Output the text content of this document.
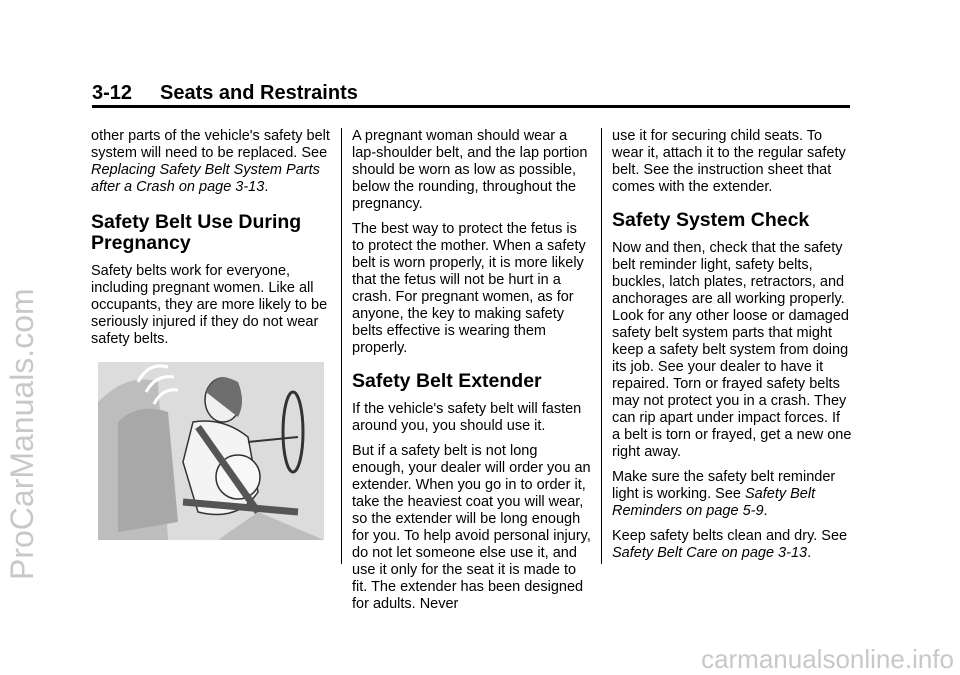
3-12 Seats and Restraints

other parts of the vehicle's safety belt system will need to be replaced. See Replacing Safety Belt System Parts after a Crash on page 3-13.

Safety Belt Use During Pregnancy

Safety belts work for everyone, including pregnant women. Like all occupants, they are more likely to be seriously injured if they do not wear safety belts.

A pregnant woman should wear a lap-shoulder belt, and the lap portion should be worn as low as possible, below the rounding, throughout the pregnancy.

The best way to protect the fetus is to protect the mother. When a safety belt is worn properly, it is more likely that the fetus will not be hurt in a crash. For pregnant women, as for anyone, the key to making safety belts effective is wearing them properly.

Safety Belt Extender

If the vehicle's safety belt will fasten around you, you should use it.

But if a safety belt is not long enough, your dealer will order you an extender. When you go in to order it, take the heaviest coat you will wear, so the extender will be long enough for you. To help avoid personal injury, do not let someone else use it, and use it only for the seat it is made to fit. The extender has been designed for adults. Never

use it for securing child seats. To wear it, attach it to the regular safety belt. See the instruction sheet that comes with the extender.

Safety System Check

Now and then, check that the safety belt reminder light, safety belts, buckles, latch plates, retractors, and anchorages are all working properly. Look for any other loose or damaged safety belt system parts that might keep a safety belt system from doing its job. See your dealer to have it repaired. Torn or frayed safety belts may not protect you in a crash. They can rip apart under impact forces. If a belt is torn or frayed, get a new one right away.

Make sure the safety belt reminder light is working. See Safety Belt Reminders on page 5-9.

Keep safety belts clean and dry. See Safety Belt Care on page 3-13.

ProCarManuals.com
carmanualsonline.info
